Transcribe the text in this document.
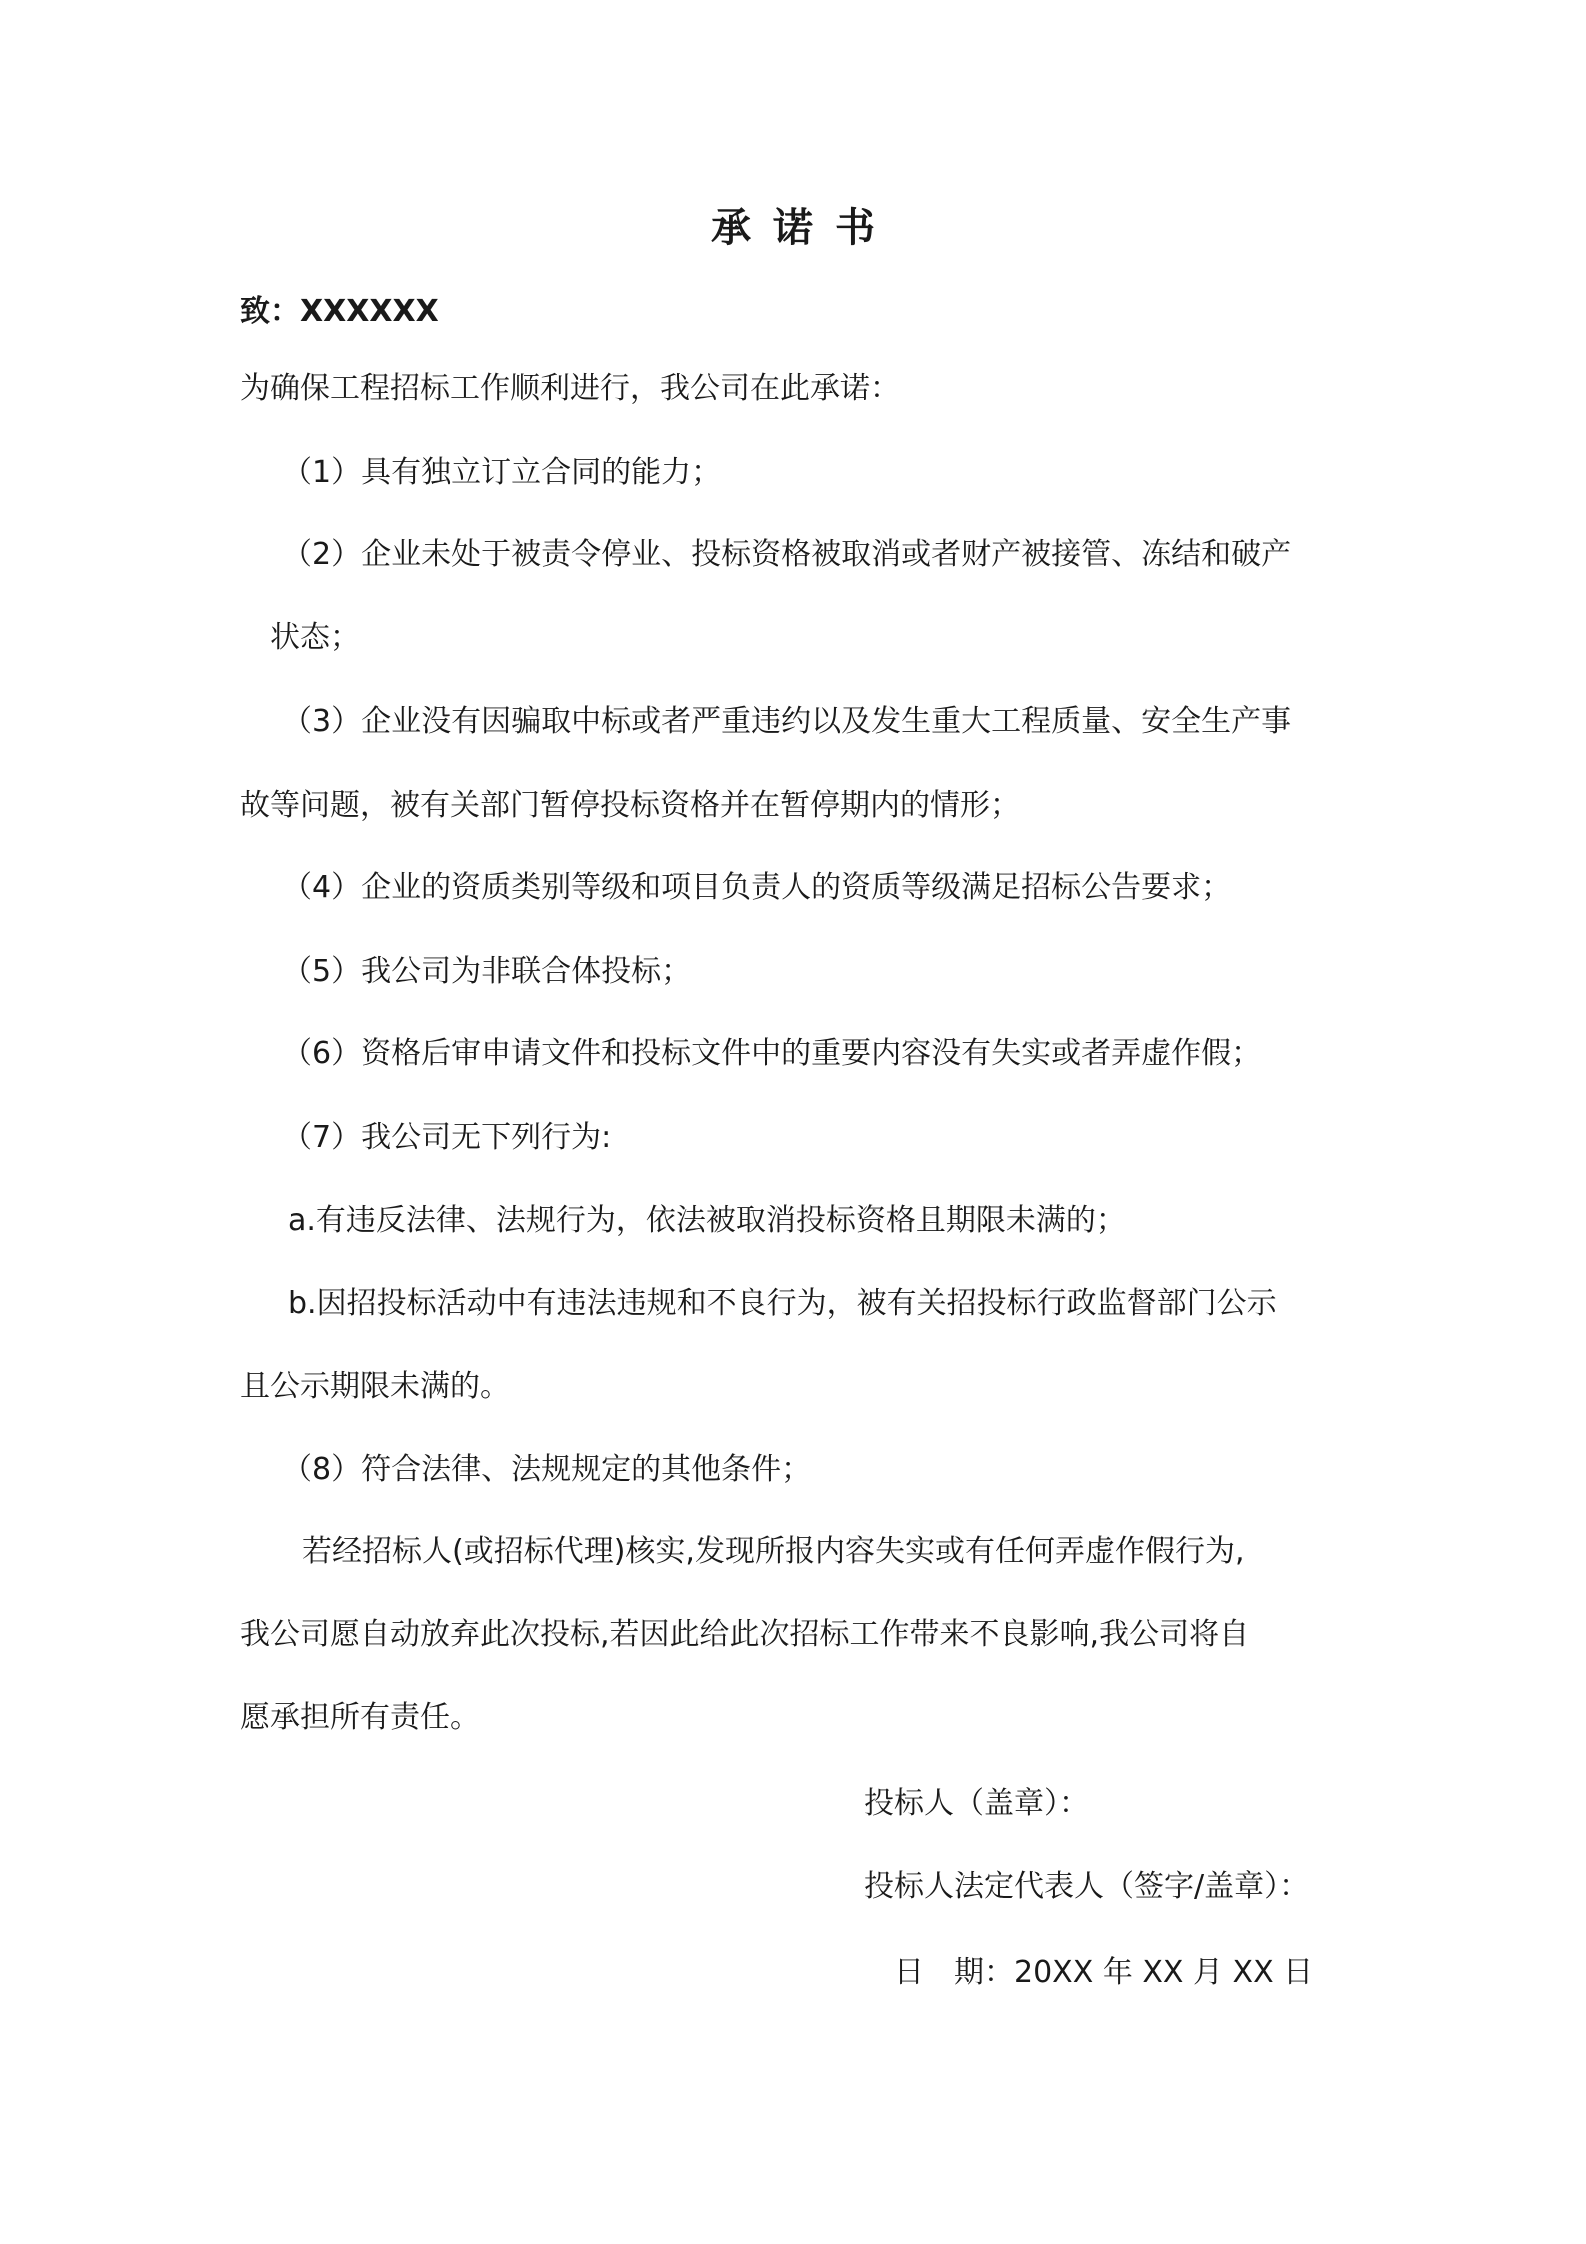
承诺书
致：XXXXXX
为确保工程招标工作顺利进行，我公司在此承诺：
（1）具有独立订立合同的能力；
（2）企业未处于被责令停业、投标资格被取消或者财产被接管、冻结和破产
状态；
（3）企业没有因骗取中标或者严重违约以及发生重大工程质量、安全生产事
故等问题，被有关部门暂停投标资格并在暂停期内的情形；
（4）企业的资质类别等级和项目负责人的资质等级满足招标公告要求；
（5）我公司为非联合体投标；
（6）资格后审申请文件和投标文件中的重要内容没有失实或者弄虚作假；
（7）我公司无下列行为:
a.有违反法律、法规行为，依法被取消投标资格且期限未满的；
b.因招投标活动中有违法违规和不良行为，被有关招投标行政监督部门公示
且公示期限未满的。
（8）符合法律、法规规定的其他条件；
若经招标人(或招标代理)核实,发现所报内容失实或有任何弄虚作假行为,
我公司愿自动放弃此次投标,若因此给此次招标工作带来不良影响,我公司将自
愿承担所有责任。
投标人（盖章）：
投标人法定代表人（签字/盖章）：
日　期：20XX 年 XX 月 XX 日
